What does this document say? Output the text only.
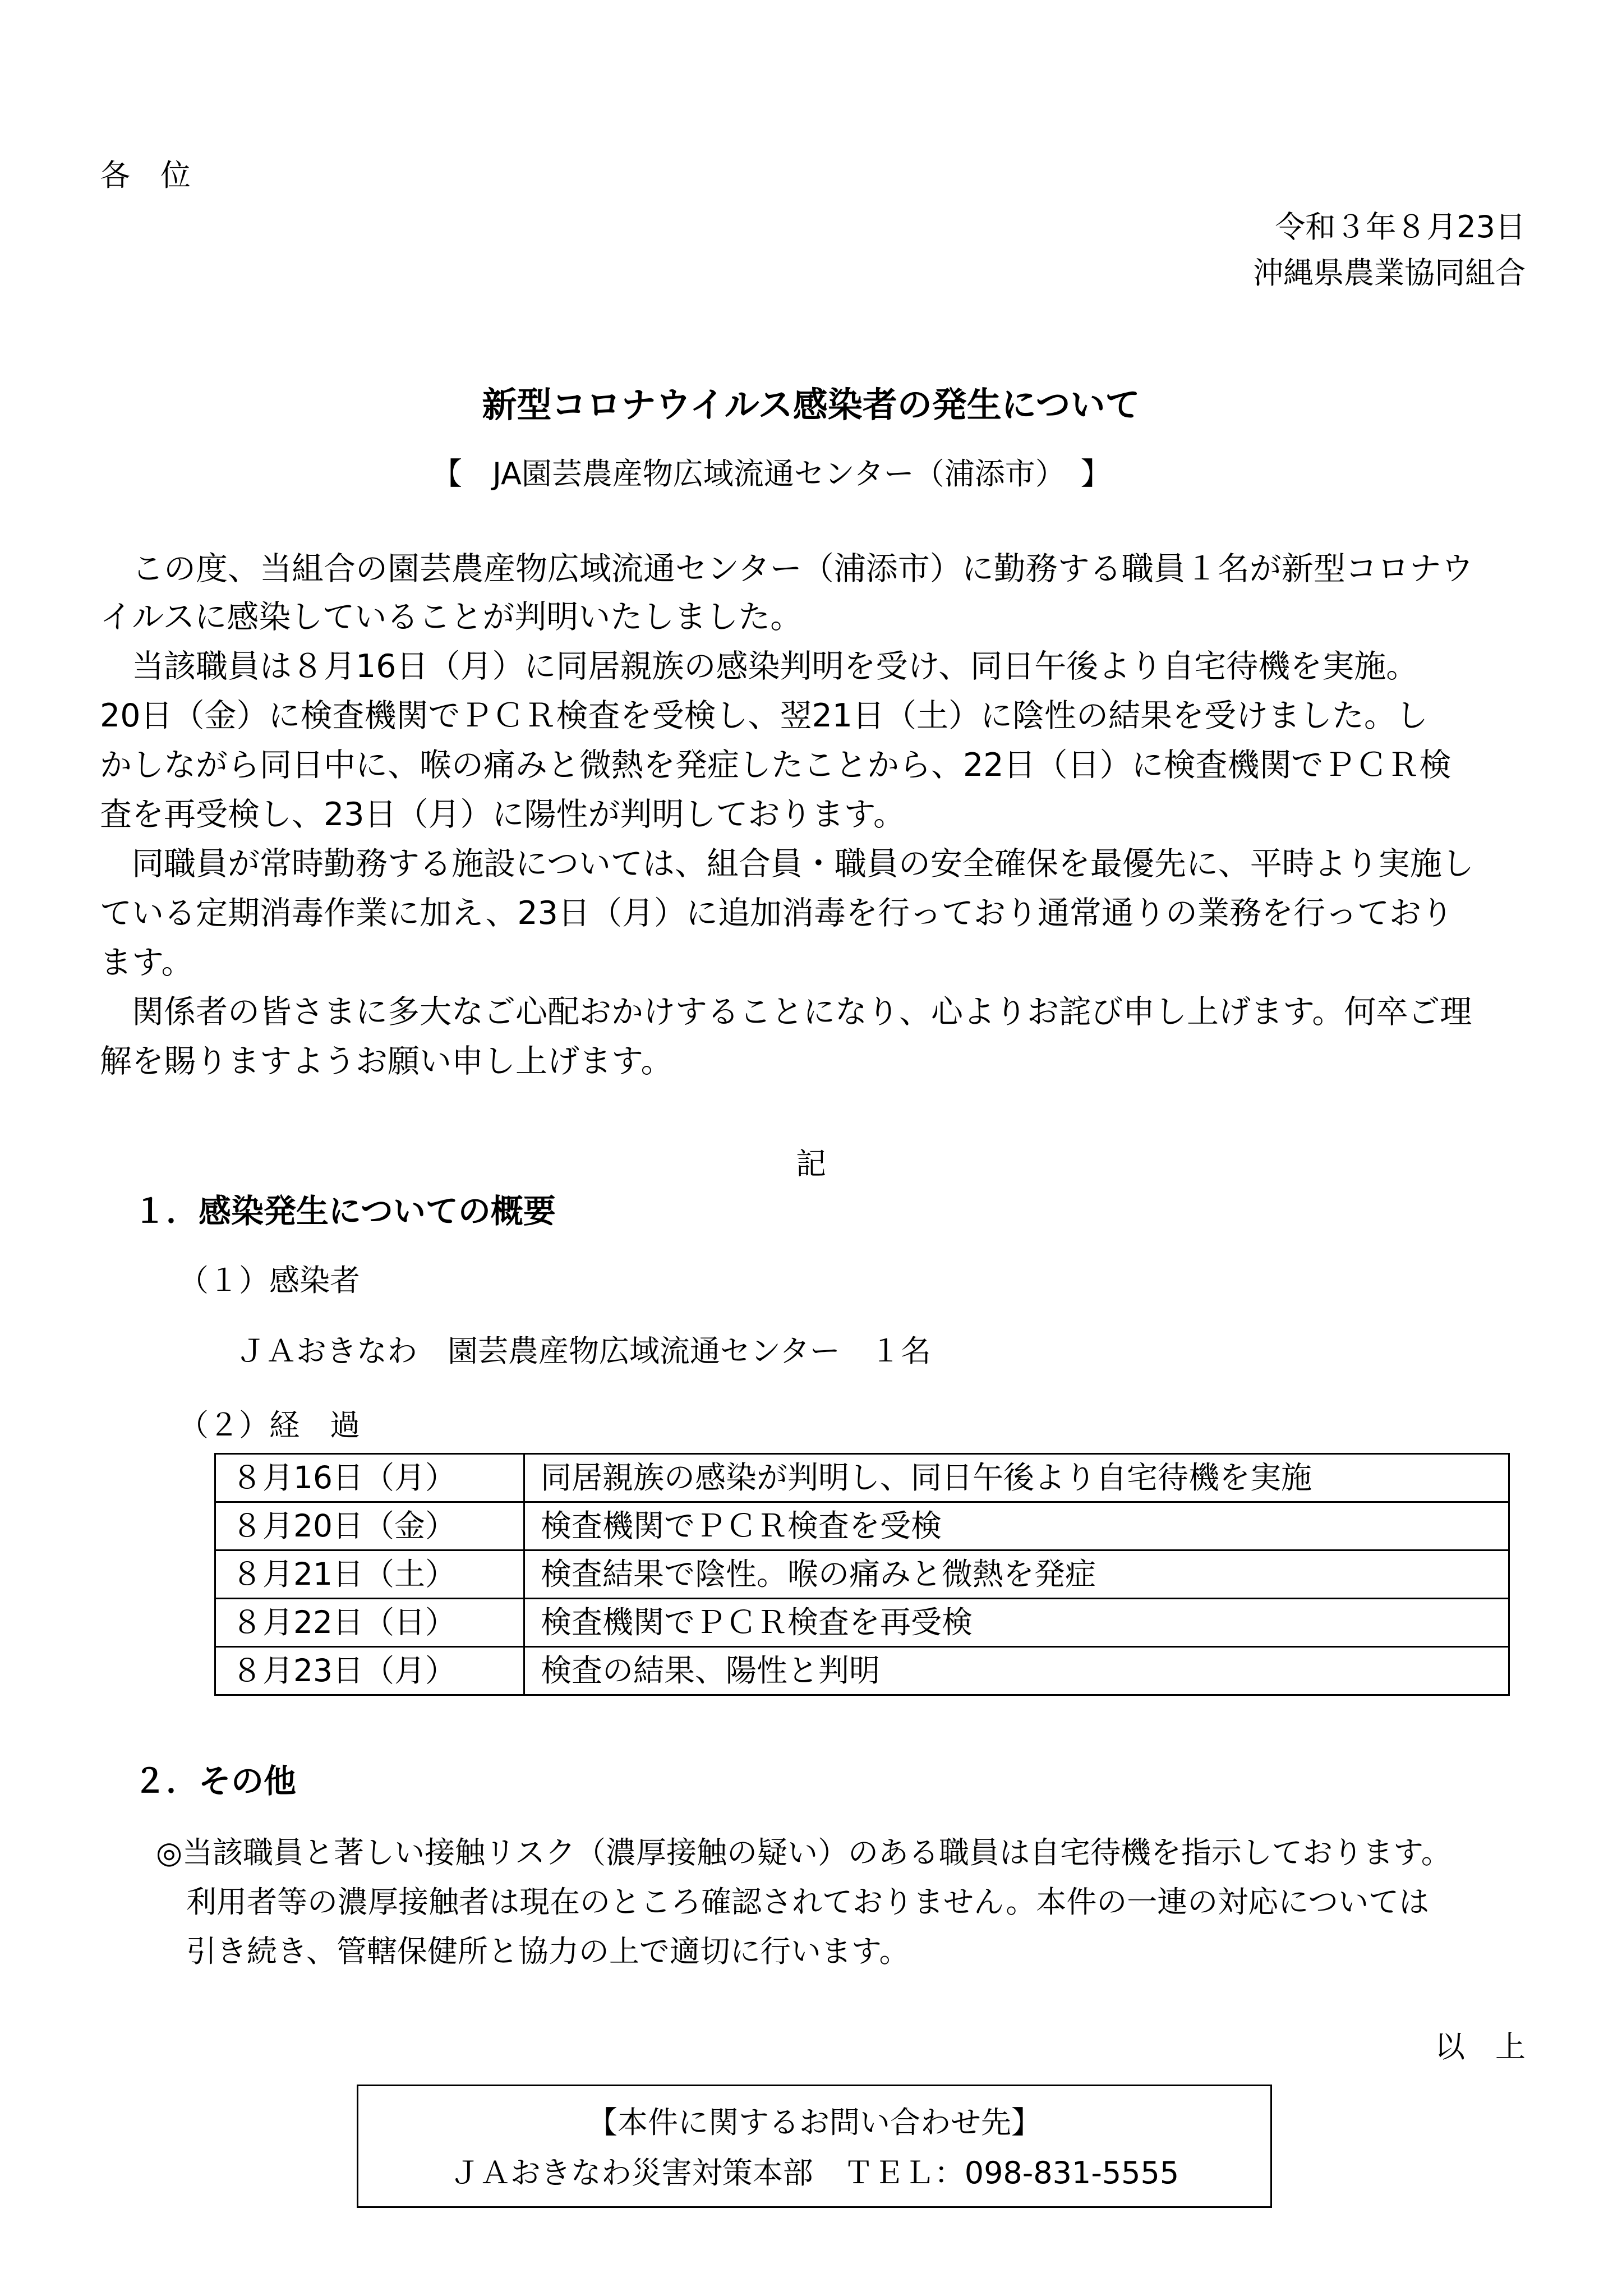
各　位
令和３年８月23日
沖縄県農業協同組合
新型コロナウイルス感染者の発生について
【　JA園芸農産物広域流通センター（浦添市）　】
　この度、当組合の園芸農産物広域流通センター（浦添市）に勤務する職員１名が新型コロナウ
イルスに感染していることが判明いたしました。
　当該職員は８月16日（月）に同居親族の感染判明を受け、同日午後より自宅待機を実施。
20日（金）に検査機関でＰＣＲ検査を受検し、翌21日（土）に陰性の結果を受けました。し
かしながら同日中に、喉の痛みと微熱を発症したことから、22日（日）に検査機関でＰＣＲ検
査を再受検し、23日（月）に陽性が判明しております。
　同職員が常時勤務する施設については、組合員・職員の安全確保を最優先に、平時より実施し
ている定期消毒作業に加え、23日（月）に追加消毒を行っており通常通りの業務を行っており
ます。
　関係者の皆さまに多大なご心配おかけすることになり、心よりお詫び申し上げます。何卒ご理
解を賜りますようお願い申し上げます。
記
１．感染発生についての概要
（１）感染者
ＪＡおきなわ　園芸農産物広域流通センター　１名
（２）経　過
８月16日（月）	同居親族の感染が判明し、同日午後より自宅待機を実施
８月20日（金）	検査機関でＰＣＲ検査を受検
８月21日（土）	検査結果で陰性。喉の痛みと微熱を発症
８月22日（日）	検査機関でＰＣＲ検査を再受検
８月23日（月）	検査の結果、陽性と判明
２．その他
◎当該職員と著しい接触リスク（濃厚接触の疑い）のある職員は自宅待機を指示しております。
　利用者等の濃厚接触者は現在のところ確認されておりません。本件の一連の対応については
　引き続き、管轄保健所と協力の上で適切に行います。
以　上
【本件に関するお問い合わせ先】
ＪＡおきなわ災害対策本部　ＴＥＬ：098-831-5555
